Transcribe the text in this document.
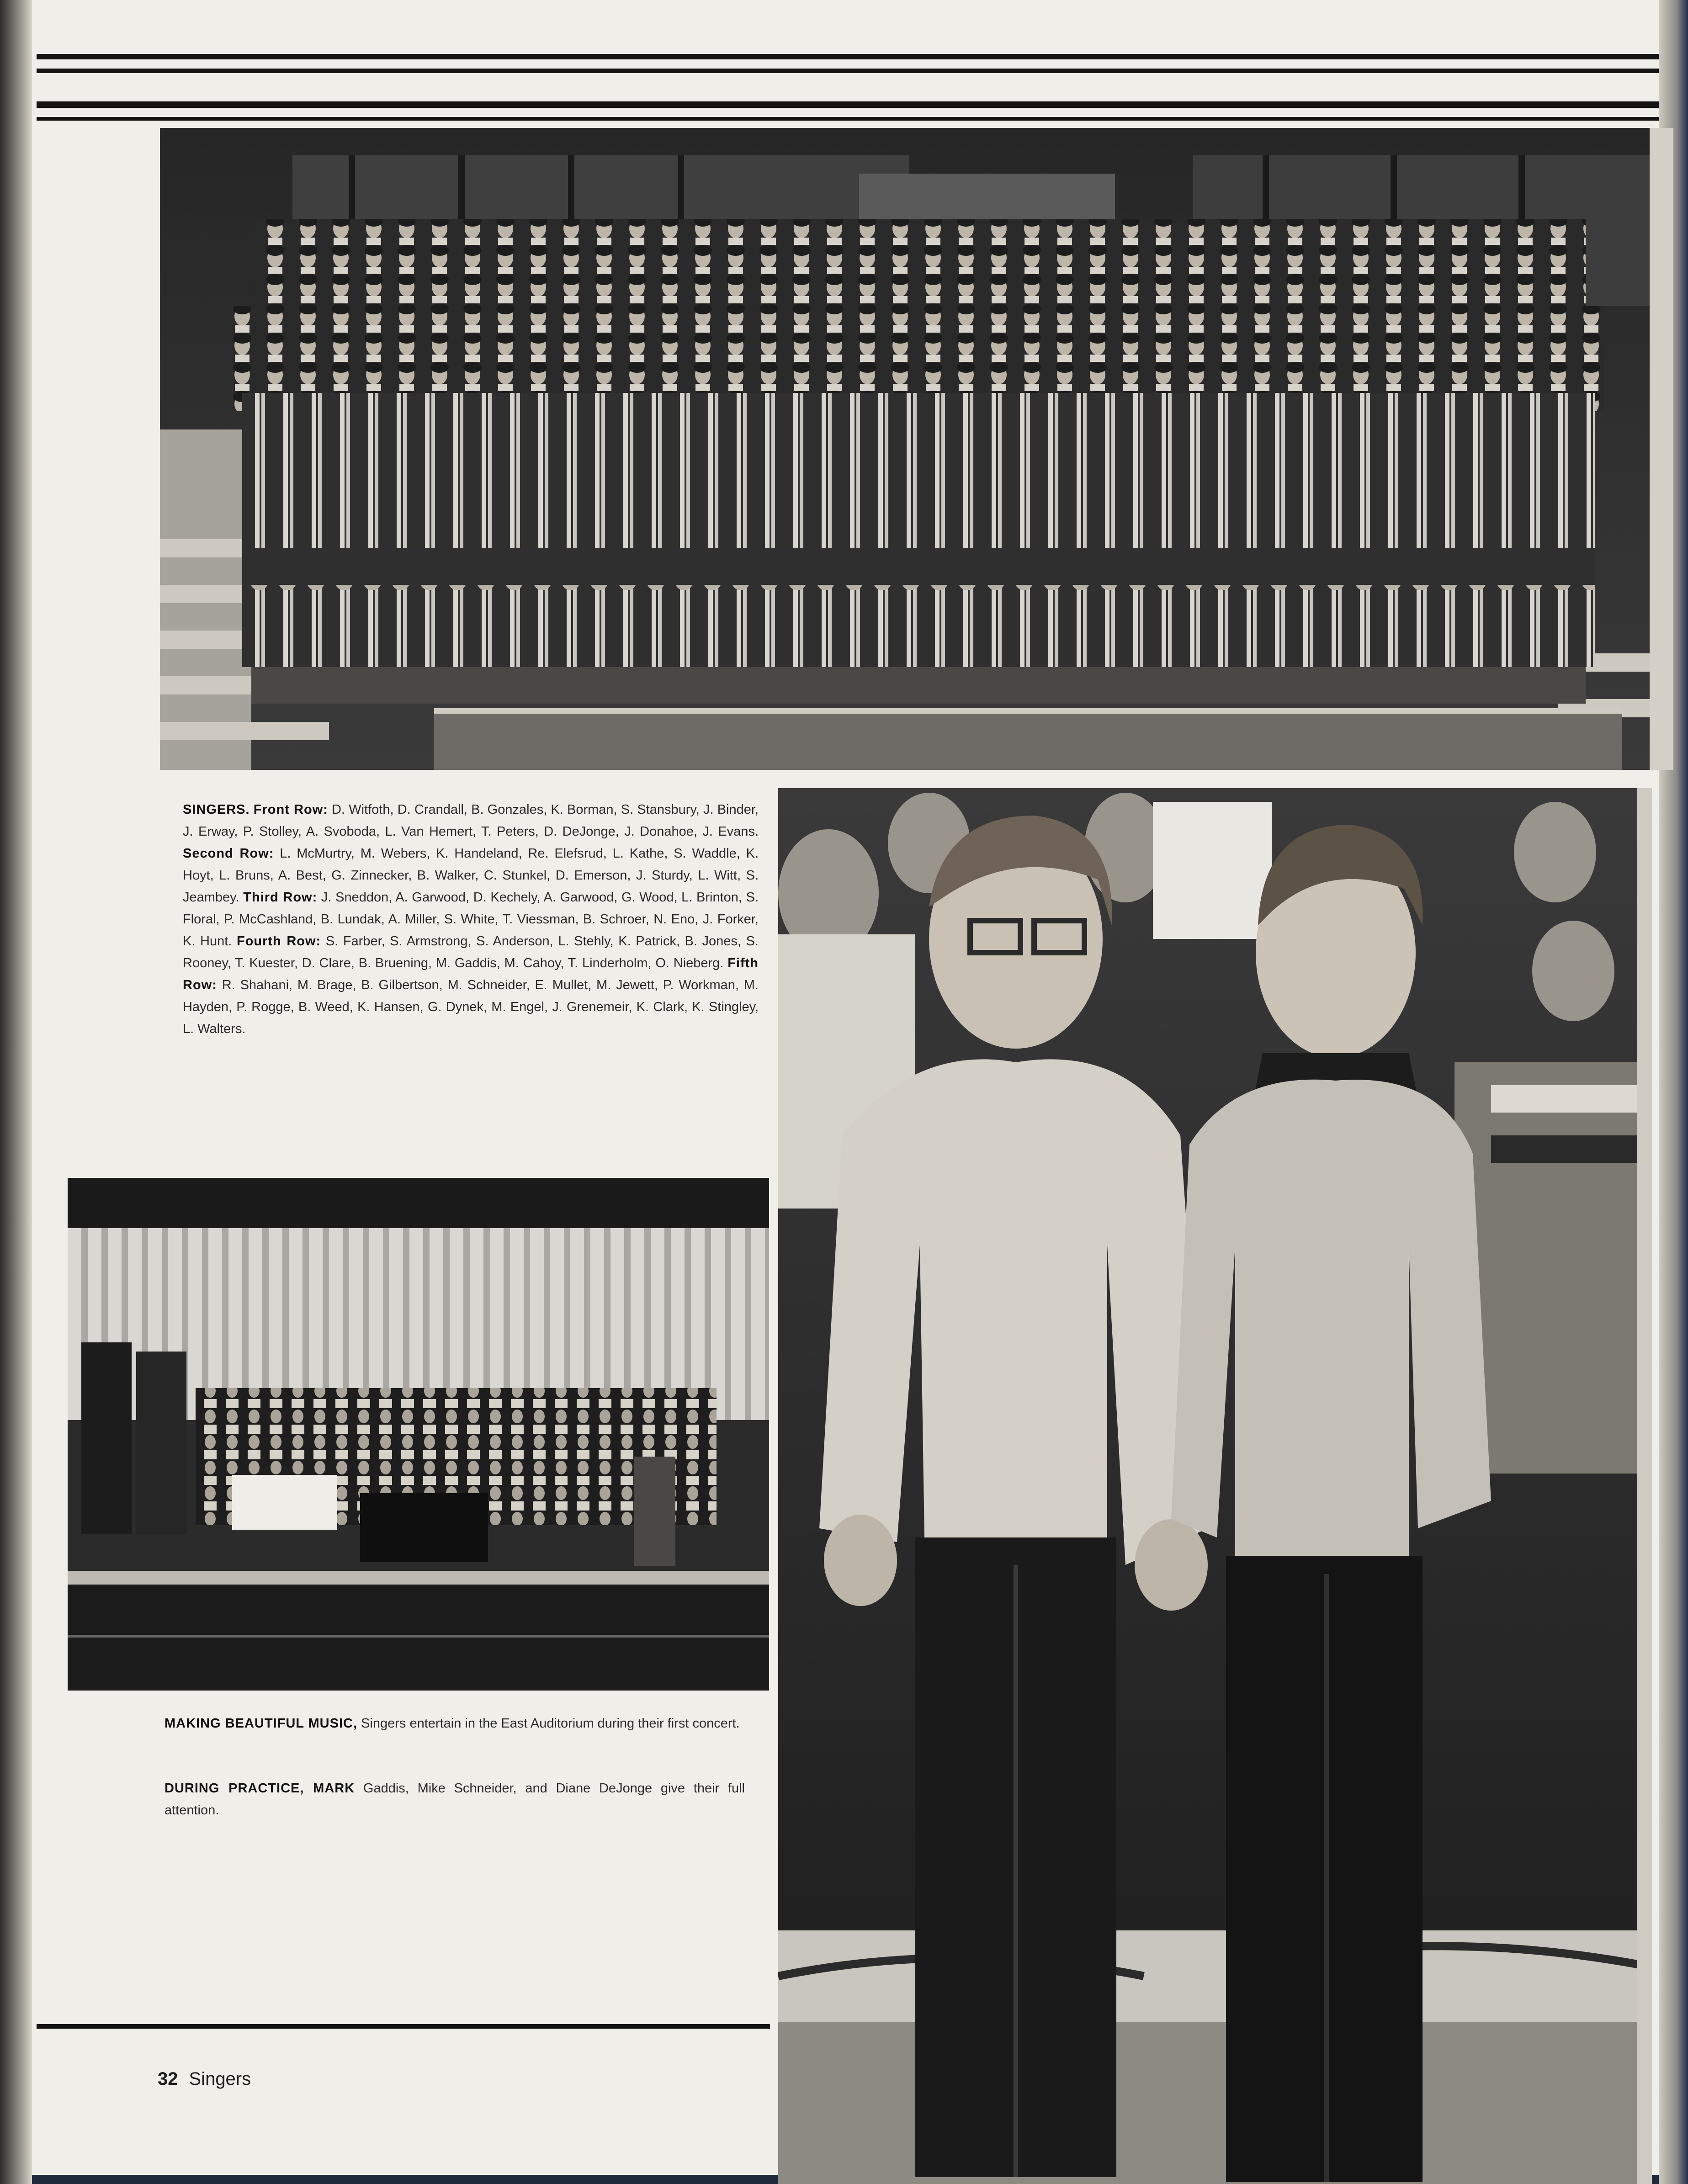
SINGERS. Front Row: D. Witfoth, D. Crandall, B. Gonzales, K. Borman, S. Stansbury, J. Binder, J. Erway, P. Stolley, A. Svoboda, L. Van Hemert, T. Peters, D. DeJonge, J. Donahoe, J. Evans. Second Row: L. McMurtry, M. Webers, K. Handeland, Re. Elefsrud, L. Kathe, S. Waddle, K. Hoyt, L. Bruns, A. Best, G. Zinnecker, B. Walker, C. Stunkel, D. Emerson, J. Sturdy, L. Witt, S. Jeambey. Third Row: J. Sneddon, A. Garwood, D. Kechely, A. Garwood, G. Wood, L. Brinton, S. Floral, P. McCashland, B. Lundak, A. Miller, S. White, T. Viessman, B. Schroer, N. Eno, J. Forker, K. Hunt. Fourth Row: S. Farber, S. Armstrong, S. Anderson, L. Stehly, K. Patrick, B. Jones, S. Rooney, T. Kuester, D. Clare, B. Bruening, M. Gaddis, M. Cahoy, T. Linderholm, O. Nieberg. Fifth Row: R. Shahani, M. Brage, B. Gilbertson, M. Schneider, E. Mullet, M. Jewett, P. Workman, M. Hayden, P. Rogge, B. Weed, K. Hansen, G. Dynek, M. Engel, J. Grenemeir, K. Clark, K. Stingley, L. Walters.
MAKING BEAUTIFUL MUSIC, Singers entertain in the East Auditorium during their first concert.
DURING PRACTICE, MARK Gaddis, Mike Schneider, and Diane DeJonge give their full attention.
32 Singers
